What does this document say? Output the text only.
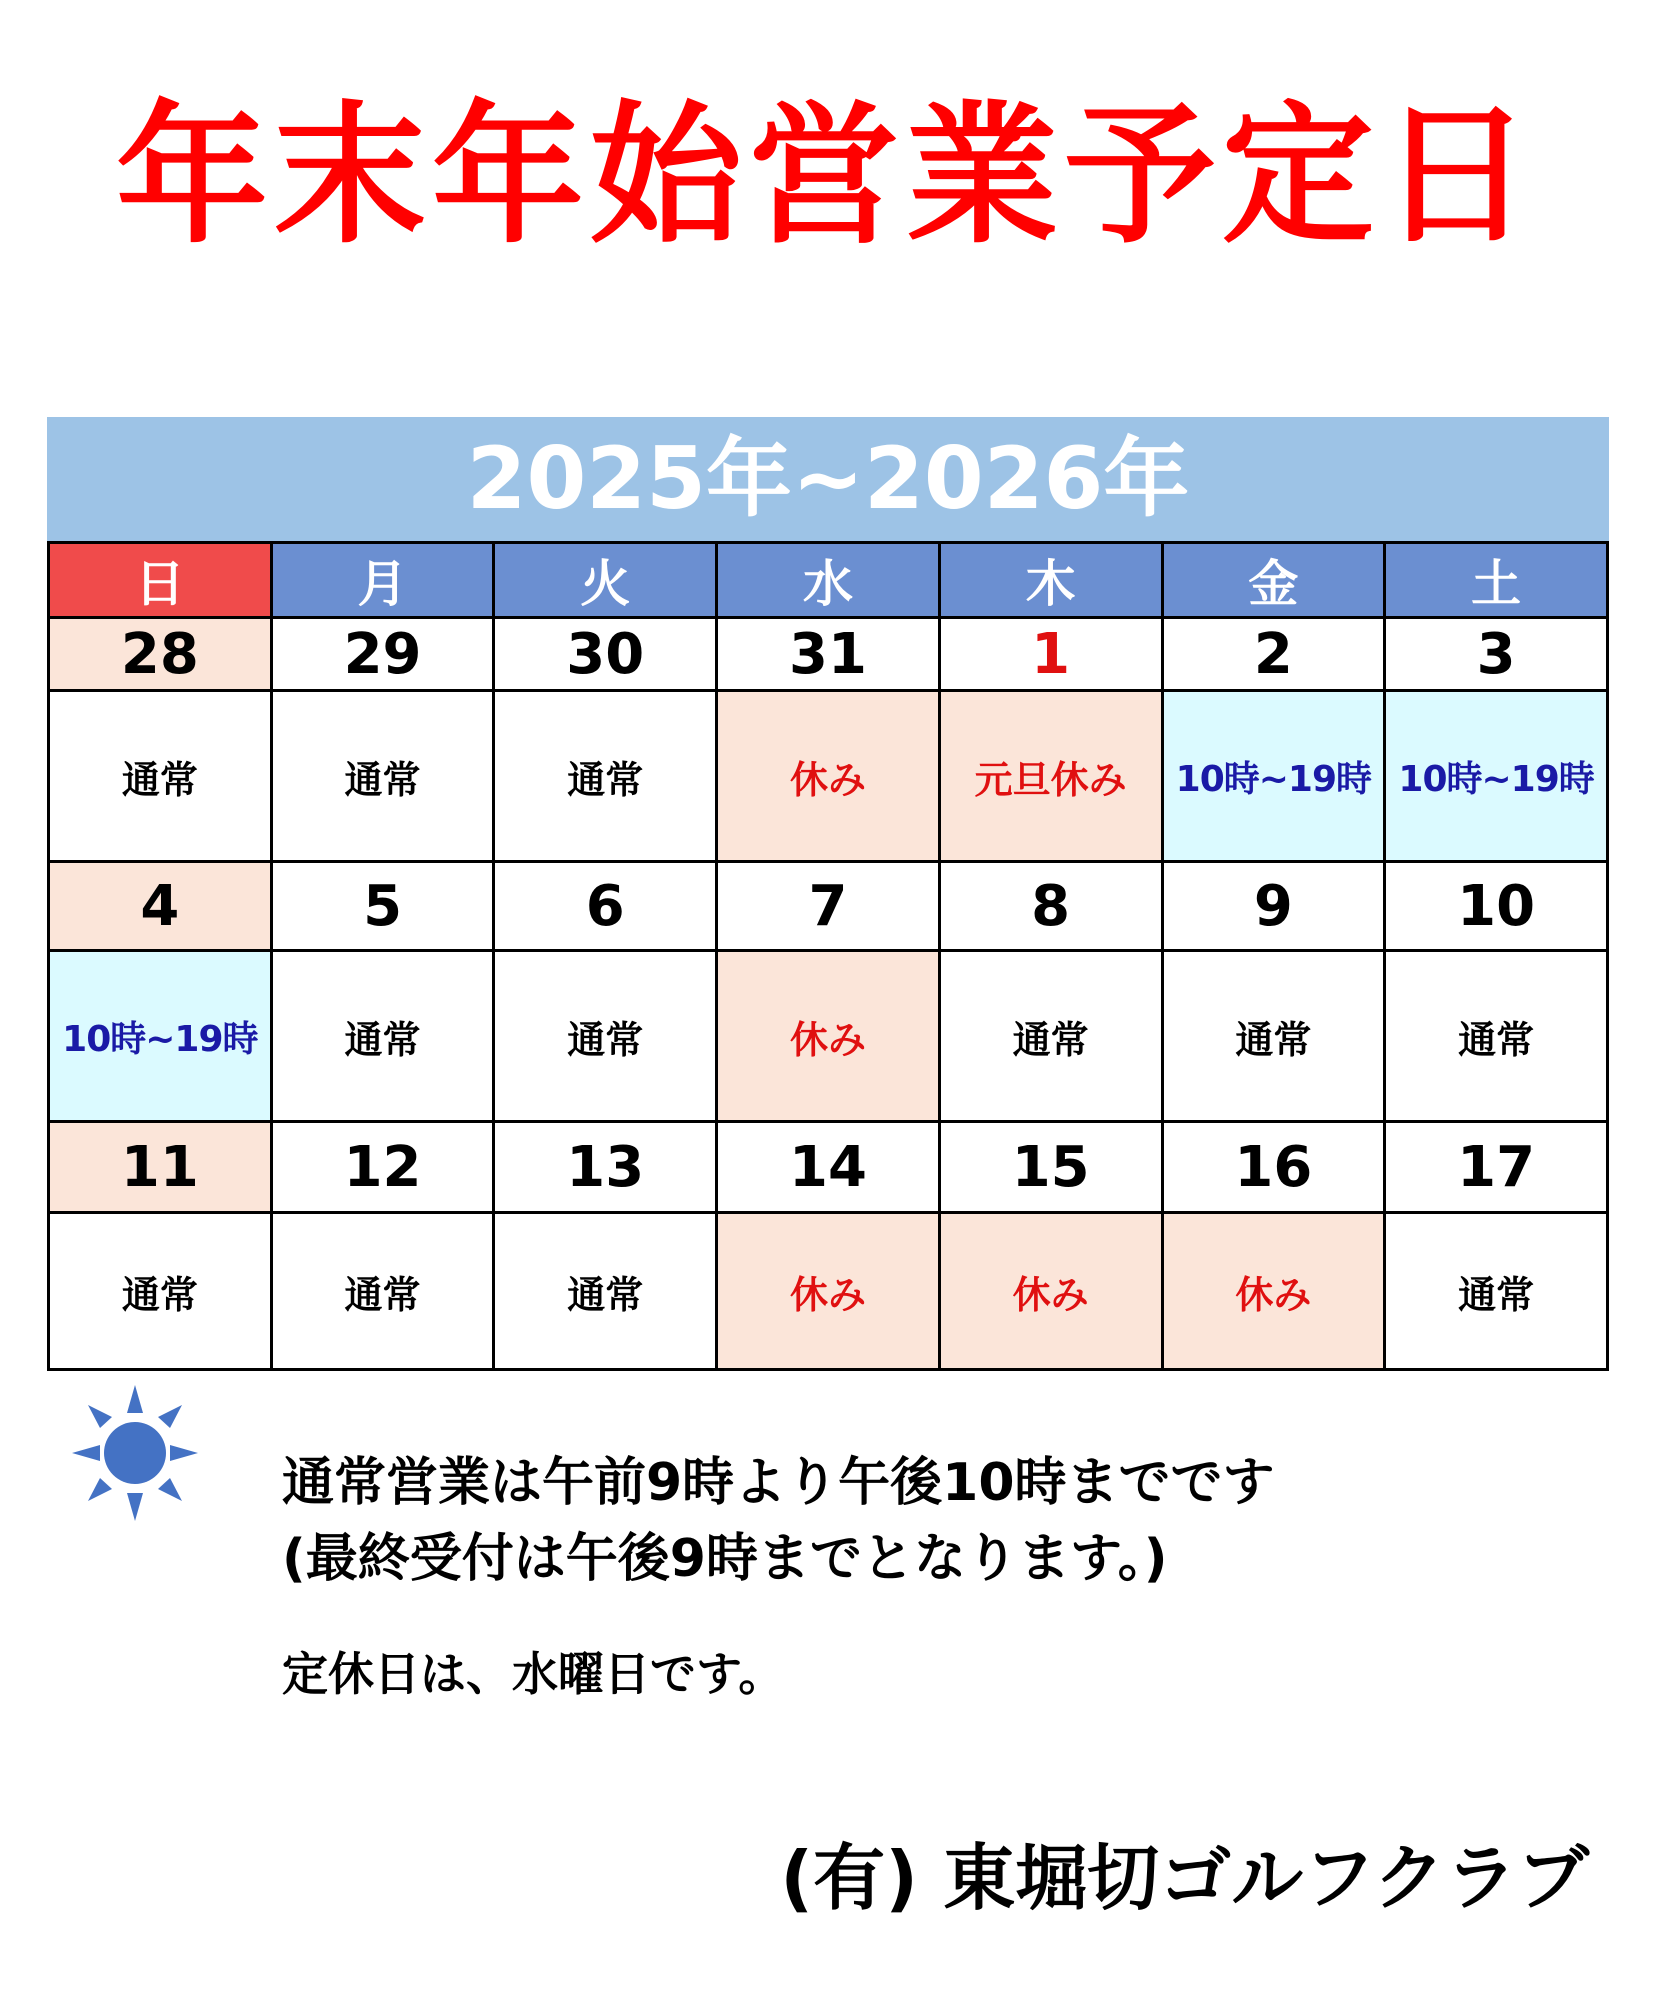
年末年始営業予定日
2025年~2026年
日	月	火	水	木	金	土
28	29	30	31	1	2	3
通常	通常	通常	休み	元旦休み	10時~19時	10時~19時
4	5	6	7	8	9	10
10時~19時	通常	通常	休み	通常	通常	通常
11	12	13	14	15	16	17
通常	通常	通常	休み	休み	休み	通常
通常営業は午前9時より午後10時までです
(最終受付は午後9時までとなります。)
定休日は、水曜日です。
(有) 東堀切ゴルフクラブ
